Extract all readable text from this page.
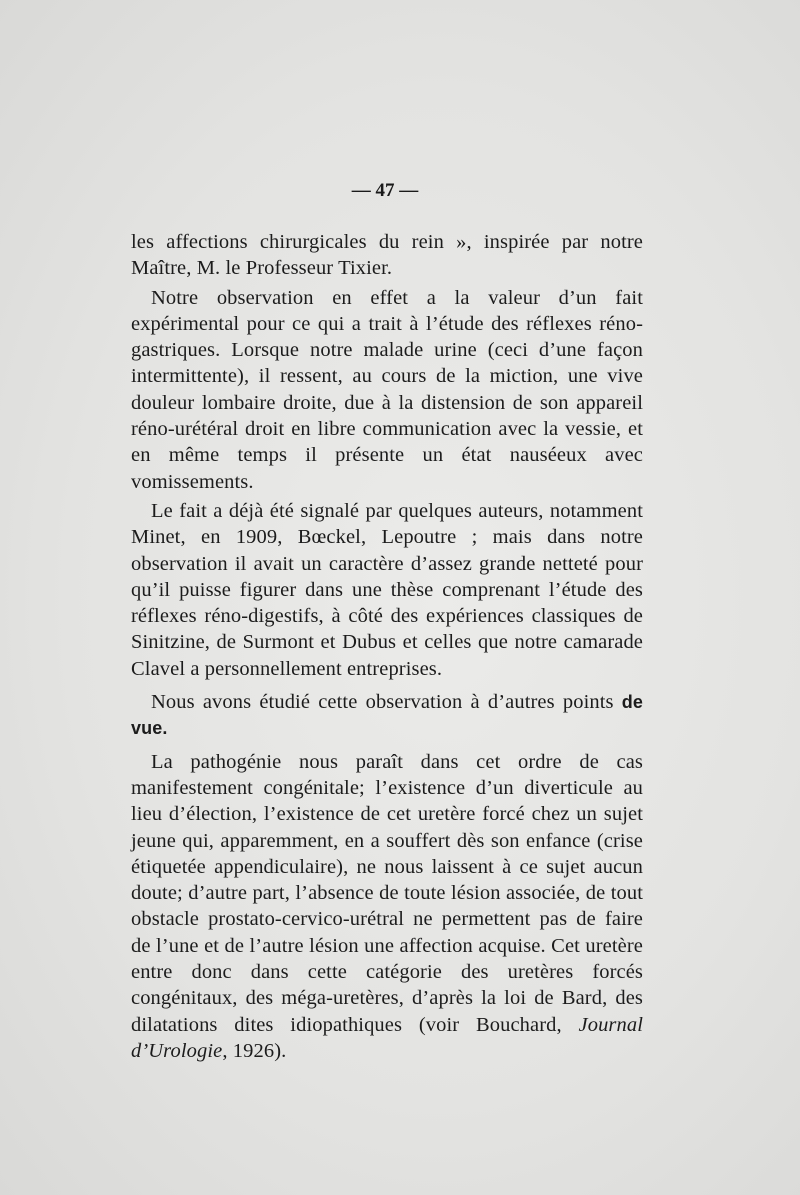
— 47 —

les affections chirurgicales du rein », inspirée par notre Maître, M. le Professeur Tixier.

Notre observation en effet a la valeur d’un fait expérimental pour ce qui a trait à l’étude des réflexes réno-gastriques. Lorsque notre malade urine (ceci d’une façon intermittente), il ressent, au cours de la miction, une vive douleur lombaire droite, due à la distension de son appareil réno-urétéral droit en libre communication avec la vessie, et en même temps il présente un état nauséeux avec vomissements.

Le fait a déjà été signalé par quelques auteurs, notamment Minet, en 1909, Bœckel, Lepoutre ; mais dans notre observation il avait un caractère d’assez grande netteté pour qu’il puisse figurer dans une thèse comprenant l’étude des réflexes réno-digestifs, à côté des expériences classiques de Sinitzine, de Surmont et Dubus et celles que notre camarade Clavel a personnellement entreprises.

Nous avons étudié cette observation à d’autres points de vue.

La pathogénie nous paraît dans cet ordre de cas manifestement congénitale; l’existence d’un diverticule au lieu d’élection, l’existence de cet uretère forcé chez un sujet jeune qui, apparemment, en a souffert dès son enfance (crise étiquetée appendiculaire), ne nous laissent à ce sujet aucun doute; d’autre part, l’absence de toute lésion associée, de tout obstacle prostato-cervico-urétral ne permettent pas de faire de l’une et de l’autre lésion une affection acquise. Cet uretère entre donc dans cette catégorie des uretères forcés congénitaux, des méga-uretères, d’après la loi de Bard, des dilatations dites idiopathiques (voir Bouchard, Journal d’Urologie, 1926).
